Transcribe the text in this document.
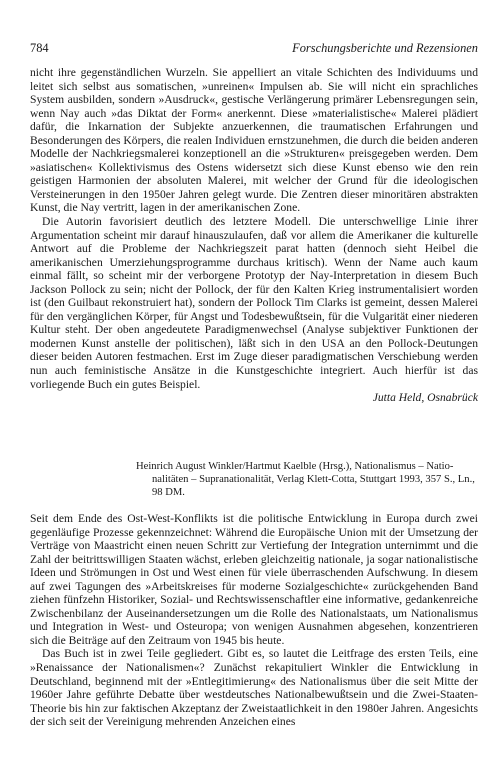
784	Forschungsberichte und Rezensionen

nicht ihre gegenständlichen Wurzeln. Sie appelliert an vitale Schichten des Individuums und leitet sich selbst aus somatischen, »unreinen« Impulsen ab. Sie will nicht ein sprachliches System ausbilden, sondern »Ausdruck«, gestische Verlängerung primärer Lebensregungen sein, wenn Nay auch »das Diktat der Form« anerkennt. Diese »materialistische« Malerei plädiert dafür, die Inkarnation der Subjekte anzuerkennen, die traumatischen Erfahrungen und Besonderungen des Körpers, die realen Individuen ernstzunehmen, die durch die beiden anderen Modelle der Nachkriegsmalerei konzeptionell an die »Strukturen« preisgegeben werden. Dem »asiatischen« Kollektivismus des Ostens widersetzt sich diese Kunst ebenso wie den rein geistigen Harmonien der absoluten Malerei, mit welcher der Grund für die ideologischen Versteinerungen in den 1950er Jahren gelegt wurde. Die Zentren dieser minoritären abstrakten Kunst, die Nay vertritt, lagen in der amerikanischen Zone.

Die Autorin favorisiert deutlich des letztere Modell. Die unterschwellige Linie ihrer Argumentation scheint mir darauf hinauszulaufen, daß vor allem die Amerikaner die kulturelle Antwort auf die Probleme der Nachkriegszeit parat hatten (dennoch sieht Heibel die amerikanischen Umerziehungsprogramme durchaus kritisch). Wenn der Name auch kaum einmal fällt, so scheint mir der verborgene Prototyp der Nay-Interpretation in diesem Buch Jackson Pollock zu sein; nicht der Pollock, der für den Kalten Krieg instrumentalisiert worden ist (den Guilbaut rekonstruiert hat), sondern der Pollock Tim Clarks ist gemeint, dessen Malerei für den vergänglichen Körper, für Angst und Todesbewußtsein, für die Vulgarität einer niederen Kultur steht. Der oben angedeutete Paradigmenwechsel (Analyse subjektiver Funktionen der modernen Kunst anstelle der politischen), läßt sich in den USA an den Pollock-Deutungen dieser beiden Autoren festmachen. Erst im Zuge dieser paradigmatischen Verschiebung werden nun auch feministische Ansätze in die Kunstgeschichte integriert. Auch hierfür ist das vorliegende Buch ein gutes Beispiel.

Jutta Held, Osnabrück
Heinrich August Winkler/Hartmut Kaelble (Hrsg.), Nationalismus – Natio-
nalitäten – Supranationalität, Verlag Klett-Cotta, Stuttgart 1993, 357 S., Ln.,
98 DM.

Seit dem Ende des Ost-West-Konflikts ist die politische Entwicklung in Europa durch zwei gegenläufige Prozesse gekennzeichnet: Während die Europäische Union mit der Umsetzung der Verträge von Maastricht einen neuen Schritt zur Vertiefung der Integration unternimmt und die Zahl der beitrittswilligen Staaten wächst, erleben gleichzeitig nationale, ja sogar nationalistische Ideen und Strömungen in Ost und West einen für viele überraschenden Aufschwung. In diesem auf zwei Tagungen des »Arbeitskreises für moderne Sozialgeschichte« zurückgehenden Band ziehen fünfzehn Historiker, Sozial- und Rechtswissenschaftler eine informative, gedankenreiche Zwischenbilanz der Auseinandersetzungen um die Rolle des Nationalstaats, um Nationalismus und Integration in West- und Osteuropa; von wenigen Ausnahmen abgesehen, konzentrieren sich die Beiträge auf den Zeitraum von 1945 bis heute.

Das Buch ist in zwei Teile gegliedert. Gibt es, so lautet die Leitfrage des ersten Teils, eine »Renaissance der Nationalismen«? Zunächst rekapituliert Winkler die Entwicklung in Deutschland, beginnend mit der »Entlegitimierung« des Nationalismus über die seit Mitte der 1960er Jahre geführte Debatte über westdeutsches Nationalbewußtsein und die Zwei-Staaten-Theorie bis hin zur faktischen Akzeptanz der Zweistaatlichkeit in den 1980er Jahren. Angesichts der sich seit der Vereinigung mehrenden Anzeichen eines
